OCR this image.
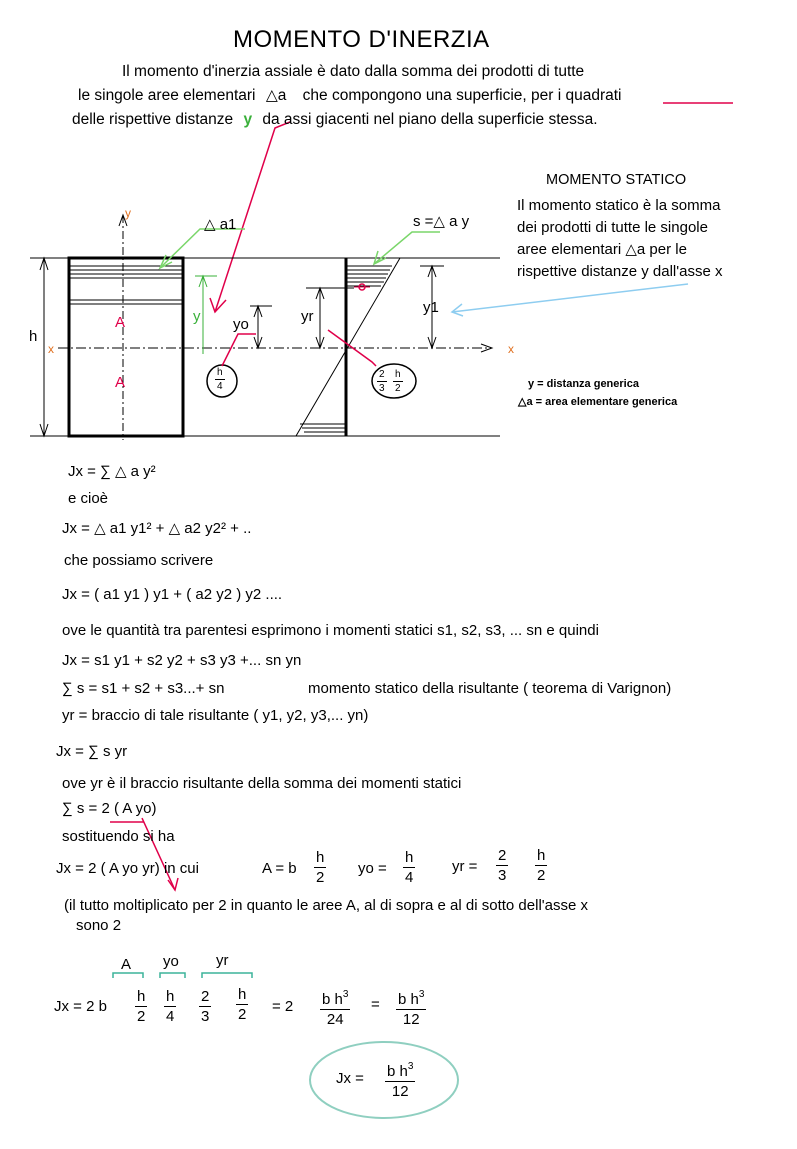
MOMENTO D'INERZIA
Il momento d'inerzia assiale è dato dalla somma dei prodotti di tutte
le singole aree elementari △a che compongono una superficie, per i quadrati
delle rispettive distanze y da assi giacenti nel piano della superficie stessa.
MOMENTO STATICO
Il momento statico è la somma
dei prodotti di tutte le singole
aree elementari △a per le
rispettive distanze y dall'asse x
y
x	x
h
A
A
△ a1	s =△ a y
y yo	yr
y1
h
4
2
3
h
2	y = distanza generica
△a = area elementare generica
Jx = ∑ △ a y²
e cioè
Jx = △ a1 y1² + △ a2 y2² + ..
che possiamo scrivere
Jx = ( a1 y1 ) y1 + ( a2 y2 ) y2 ....
ove le quantità tra parentesi esprimono i momenti statici s1, s2, s3, ... sn e quindi
Jx = s1 y1 + s2 y2 + s3 y3 +... sn yn
∑ s = s1 + s2 + s3...+ sn	momento statico della risultante ( teorema di Varignon)
yr = braccio di tale risultante ( y1, y2, y3,... yn)
Jx = ∑ s yr
ove yr è il braccio risultante della somma dei momenti statici
∑ s = 2 ( A yo)
sostituendo si ha
Jx = 2 ( A yo yr) in cui	A = b
h
2
yo =
h
4
yr =
2
3
h
2
(il tutto moltiplicato per 2 in quanto le aree A, al di sopra e al di sotto dell'asse x
sono 2
A yo yr
Jx = 2 b
h
2
h
4
2
3
h
2 = 2 b $h^3$
24
= b $h^3$
12
Jx = b $h^3$
12
